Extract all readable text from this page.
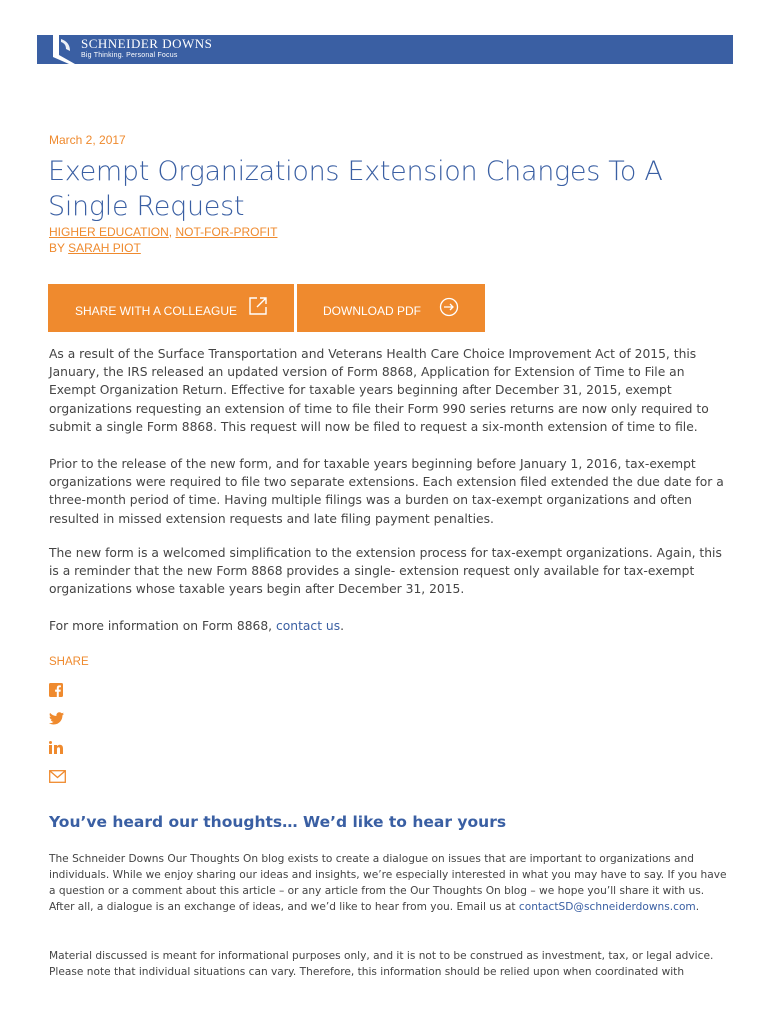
SCHNEIDER DOWNS
Big Thinking. Personal Focus
March 2, 2017
Exempt Organizations Extension Changes To A Single Request
HIGHER EDUCATION, NOT-FOR-PROFIT
BY SARAH PIOT
SHARE WITH A COLLEAGUE	DOWNLOAD PDF

As a result of the Surface Transportation and Veterans Health Care Choice Improvement Act of 2015, this January, the IRS released an updated version of Form 8868, Application for Extension of Time to File an Exempt Organization Return. Effective for taxable years beginning after December 31, 2015, exempt organizations requesting an extension of time to file their Form 990 series returns are now only required to submit a single Form 8868. This request will now be filed to request a six-month extension of time to file.

Prior to the release of the new form, and for taxable years beginning before January 1, 2016, tax-exempt organizations were required to file two separate extensions. Each extension filed extended the due date for a three-month period of time. Having multiple filings was a burden on tax-exempt organizations and often resulted in missed extension requests and late filing payment penalties.

The new form is a welcomed simplification to the extension process for tax-exempt organizations. Again, this is a reminder that the new Form 8868 provides a single- extension request only available for tax-exempt organizations whose taxable years begin after December 31, 2015.

For more information on Form 8868, contact us.

SHARE
You’ve heard our thoughts… We’d like to hear yours

The Schneider Downs Our Thoughts On blog exists to create a dialogue on issues that are important to organizations and individuals. While we enjoy sharing our ideas and insights, we’re especially interested in what you may have to say. If you have a question or a comment about this article – or any article from the Our Thoughts On blog – we hope you’ll share it with us. After all, a dialogue is an exchange of ideas, and we’d like to hear from you. Email us at contactSD@schneiderdowns.com.

Material discussed is meant for informational purposes only, and it is not to be construed as investment, tax, or legal advice. Please note that individual situations can vary. Therefore, this information should be relied upon when coordinated with
